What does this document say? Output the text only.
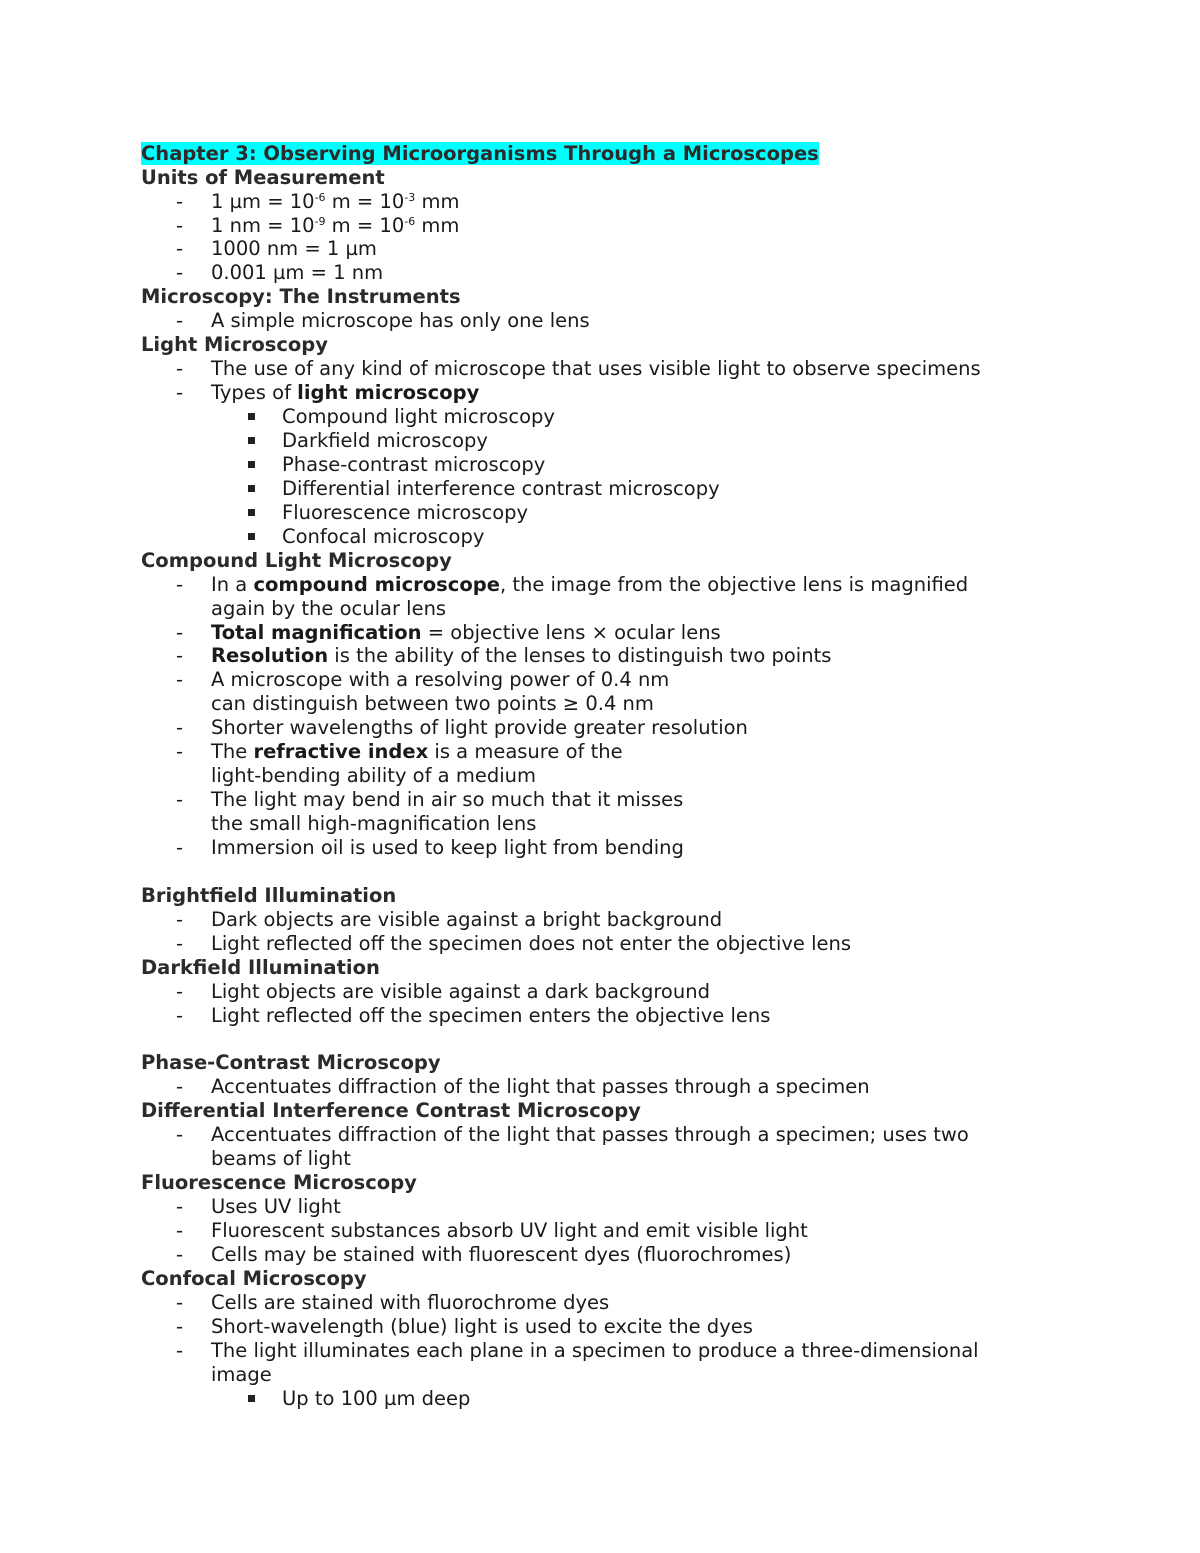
Chapter 3: Observing Microorganisms Through a Microscopes
Units of Measurement
-	1 $\mu m = 10^{-6}$ $m = 10^{-3}$ mm
-	1 nm = $10^{-9}$ $m = 10^{-6}$ mm
-	1000 nm = 1 µm
-	0.001 µm = 1 nm
Microscopy: The Instruments
-	A simple microscope has only one lens
Light Microscopy
-	The use of any kind of microscope that uses visible light to observe specimens
-	Types of light microscopy
Compound light microscopy
Darkfield microscopy
Phase-contrast microscopy
Differential interference contrast microscopy
Fluorescence microscopy
Confocal microscopy
Compound Light Microscopy
-	In a compound microscope, the image from the objective lens is magnified
again by the ocular lens
-	Total magnification = objective lens × ocular lens
-	Resolution is the ability of the lenses to distinguish two points
-	A microscope with a resolving power of 0.4 nm
can distinguish between two points ≥ 0.4 nm
-	Shorter wavelengths of light provide greater resolution
-	The refractive index is a measure of the
light-bending ability of a medium
-	The light may bend in air so much that it misses
the small high-magnification lens
-	Immersion oil is used to keep light from bending
Brightfield Illumination
-	Dark objects are visible against a bright background
-	Light reflected off the specimen does not enter the objective lens
Darkfield Illumination
-	Light objects are visible against a dark background
-	Light reflected off the specimen enters the objective lens
Phase-Contrast Microscopy
-	Accentuates diffraction of the light that passes through a specimen
Differential Interference Contrast Microscopy
-	Accentuates diffraction of the light that passes through a specimen; uses two
beams of light
Fluorescence Microscopy
-	Uses UV light
-	Fluorescent substances absorb UV light and emit visible light
-	Cells may be stained with fluorescent dyes (fluorochromes)
Confocal Microscopy
-	Cells are stained with fluorochrome dyes
-	Short-wavelength (blue) light is used to excite the dyes
-	The light illuminates each plane in a specimen to produce a three-dimensional
image
Up to 100 µm deep
